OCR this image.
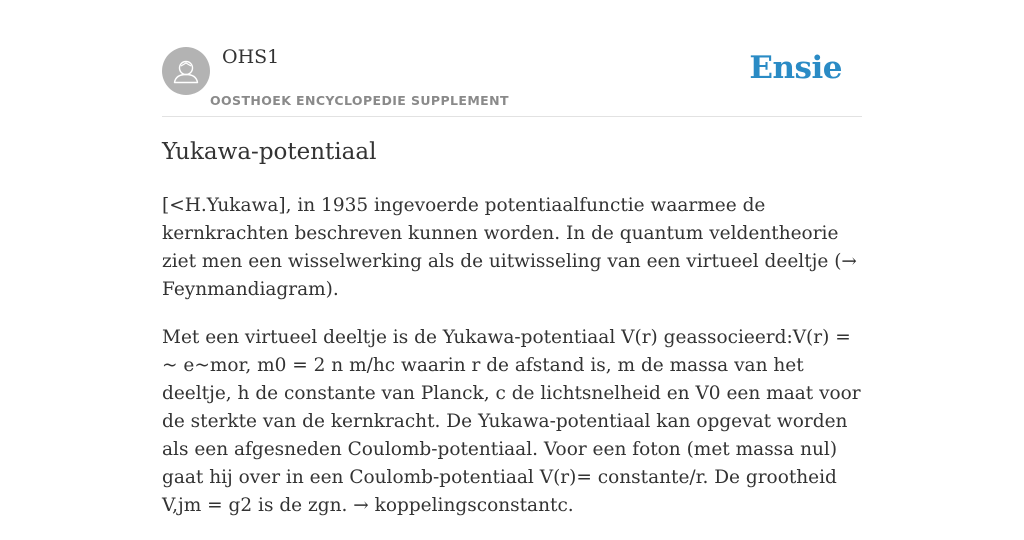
OHS1
OOSTHOEK ENCYCLOPEDIE SUPPLEMENT
Ensie
Yukawa-potentiaal

[<H.Yukawa], in 1935 ingevoerde potentiaalfunctie waarmee de kernkrachten beschreven kunnen worden. In de quantum veldentheorie ziet men een wisselwerking als de uitwisseling van een virtueel deeltje (→ Feynmandiagram).

Met een virtueel deeltje is de Yukawa-potentiaal V(r) geassocieerd:V(r) = ~ e~mor, m0 = 2 n m/hc waarin r de afstand is, m de massa van het deeltje, h de constante van Planck, c de lichtsnelheid en V0 een maat voor de sterkte van de kernkracht. De Yukawa-potentiaal kan opgevat worden als een afgesneden Coulomb-potentiaal. Voor een foton (met massa nul) gaat hij over in een Coulomb-potentiaal V(r)= constante/r. De grootheid V,jm = g2 is de zgn. → koppelingsconstantc.
